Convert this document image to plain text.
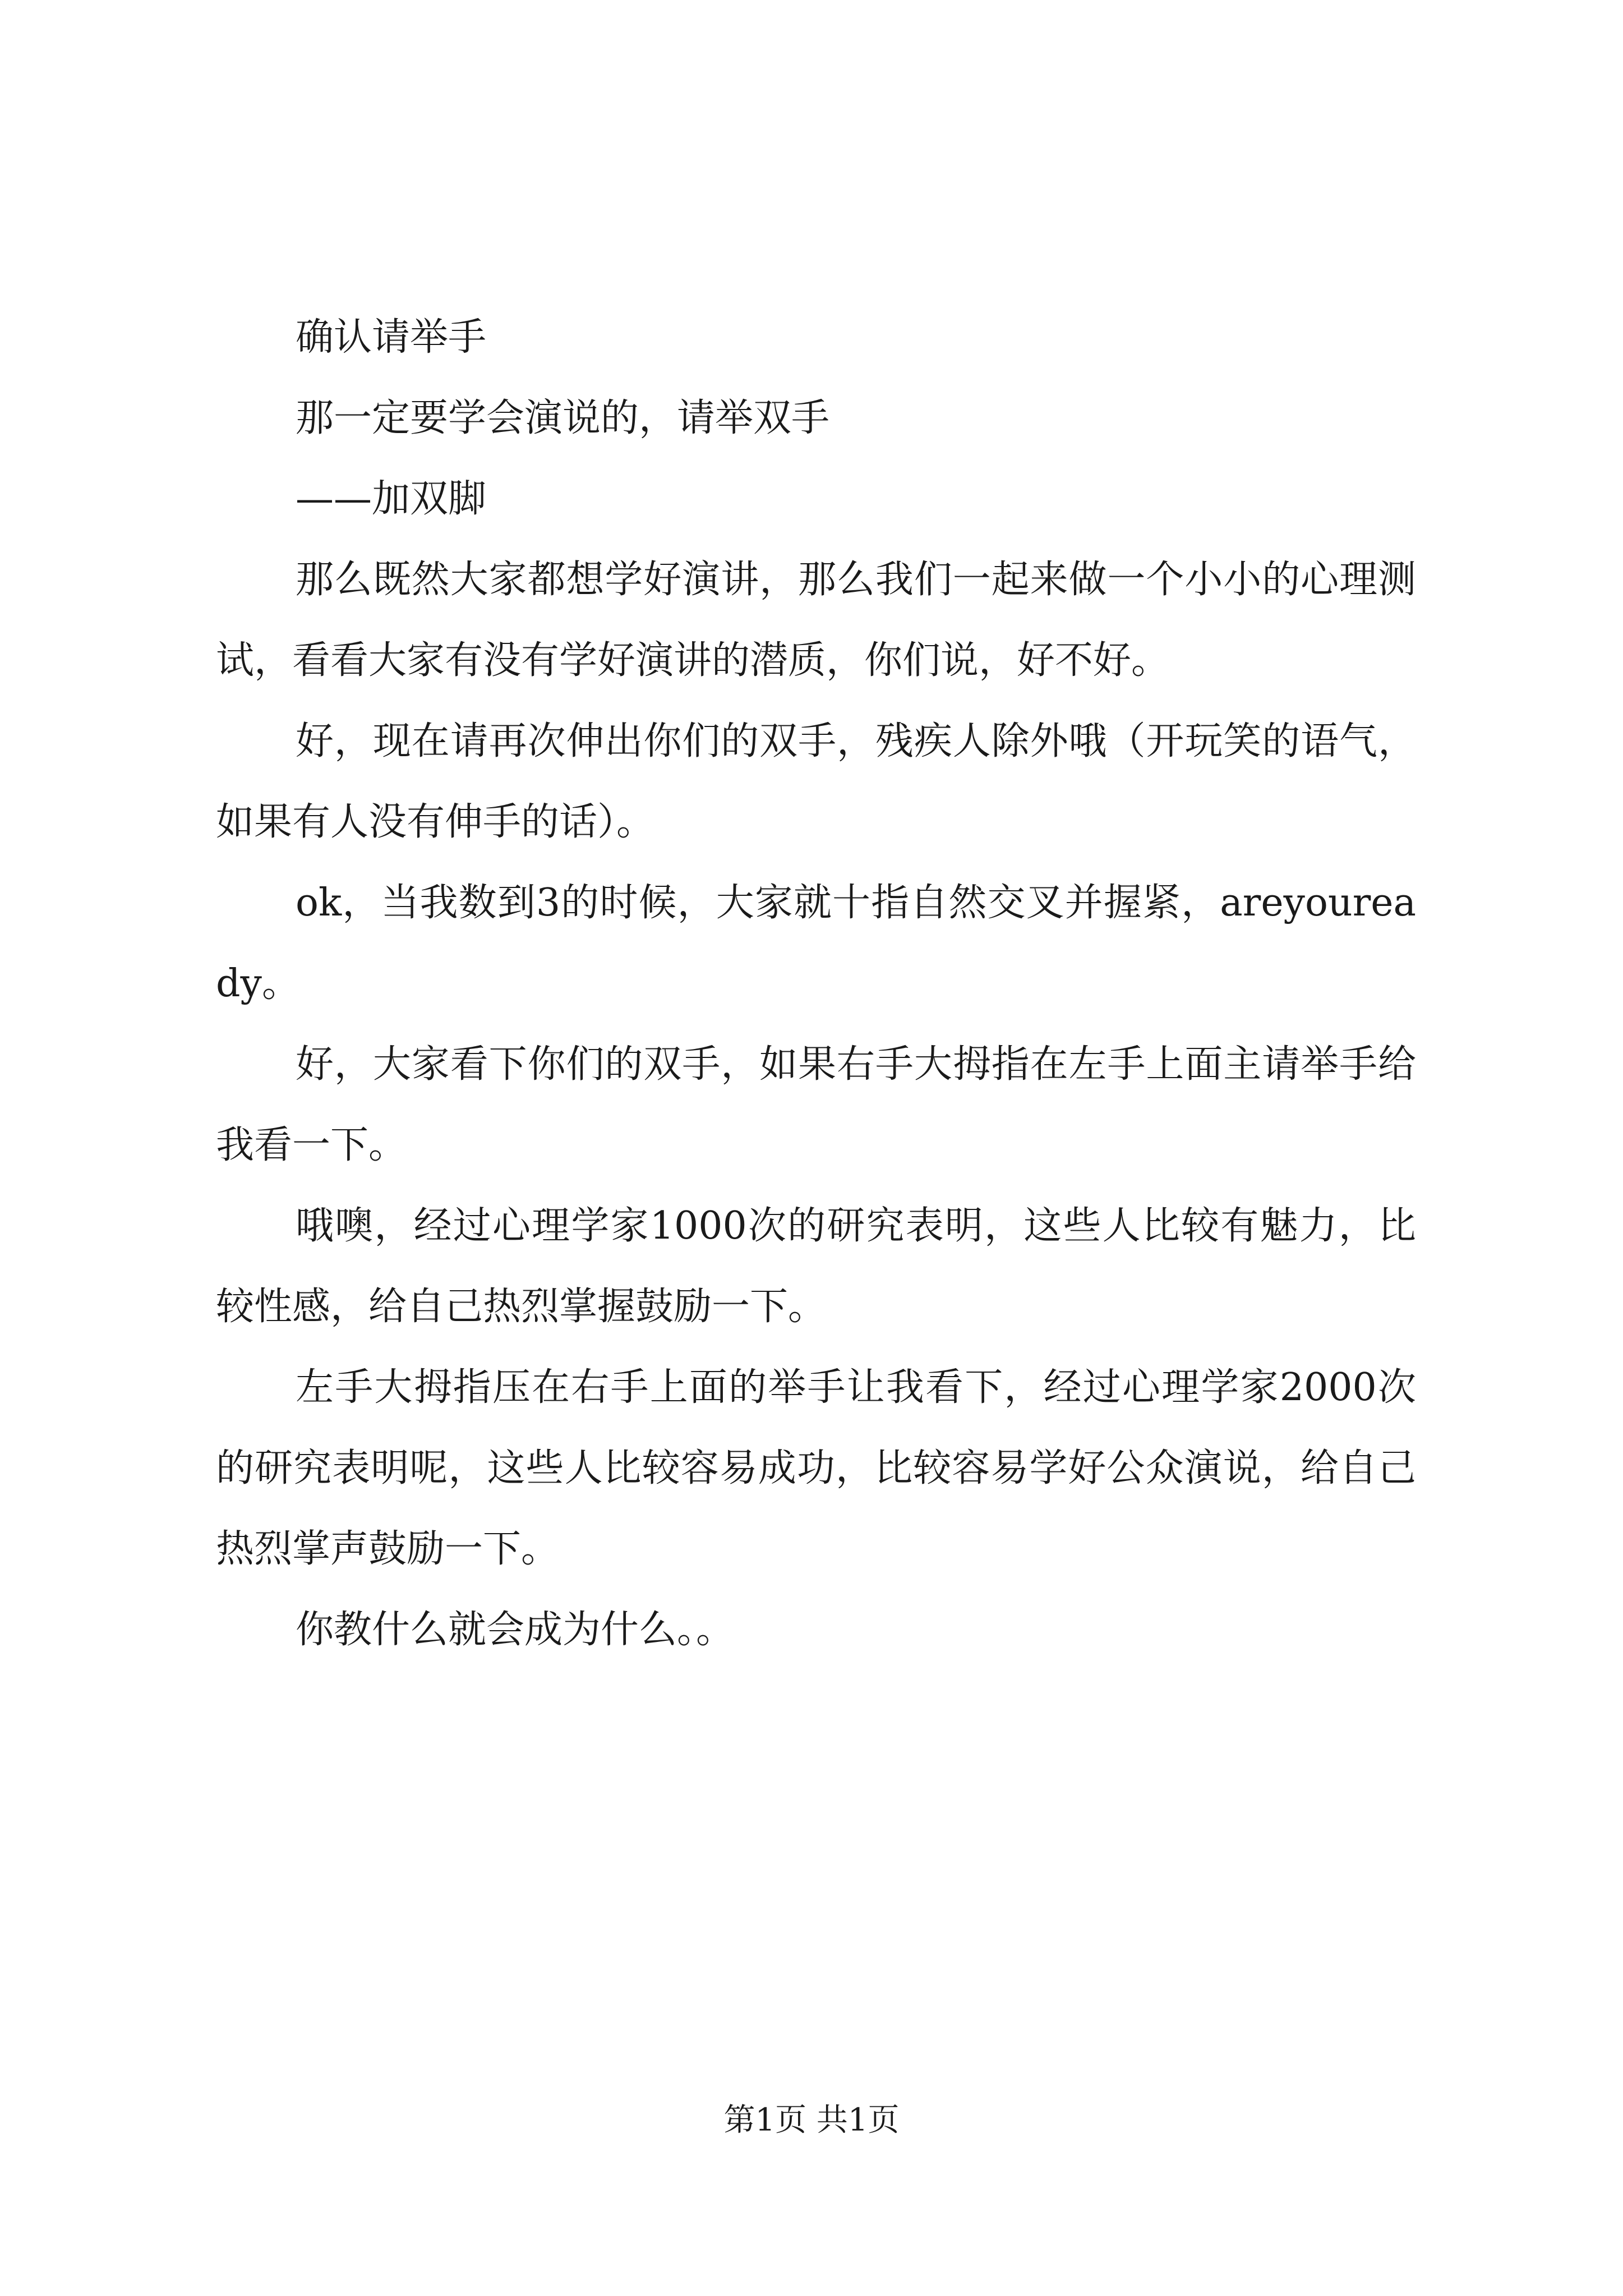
确认请举手

那一定要学会演说的，请举双手

——加双脚

那么既然大家都想学好演讲，那么我们一起来做一个小小的心理测试，看看大家有没有学好演讲的潜质，你们说，好不好。

好，现在请再次伸出你们的双手，残疾人除外哦（开玩笑的语气，如果有人没有伸手的话）。

ok，当我数到3的时候，大家就十指自然交叉并握紧，areyouready。

好，大家看下你们的双手，如果右手大拇指在左手上面主请举手给我看一下。

哦噢，经过心理学家1000次的研究表明，这些人比较有魅力，比较性感，给自己热烈掌握鼓励一下。

左手大拇指压在右手上面的举手让我看下，经过心理学家2000次的研究表明呢，这些人比较容易成功，比较容易学好公众演说，给自己热烈掌声鼓励一下。

你教什么就会成为什么。。

第1页 共1页
